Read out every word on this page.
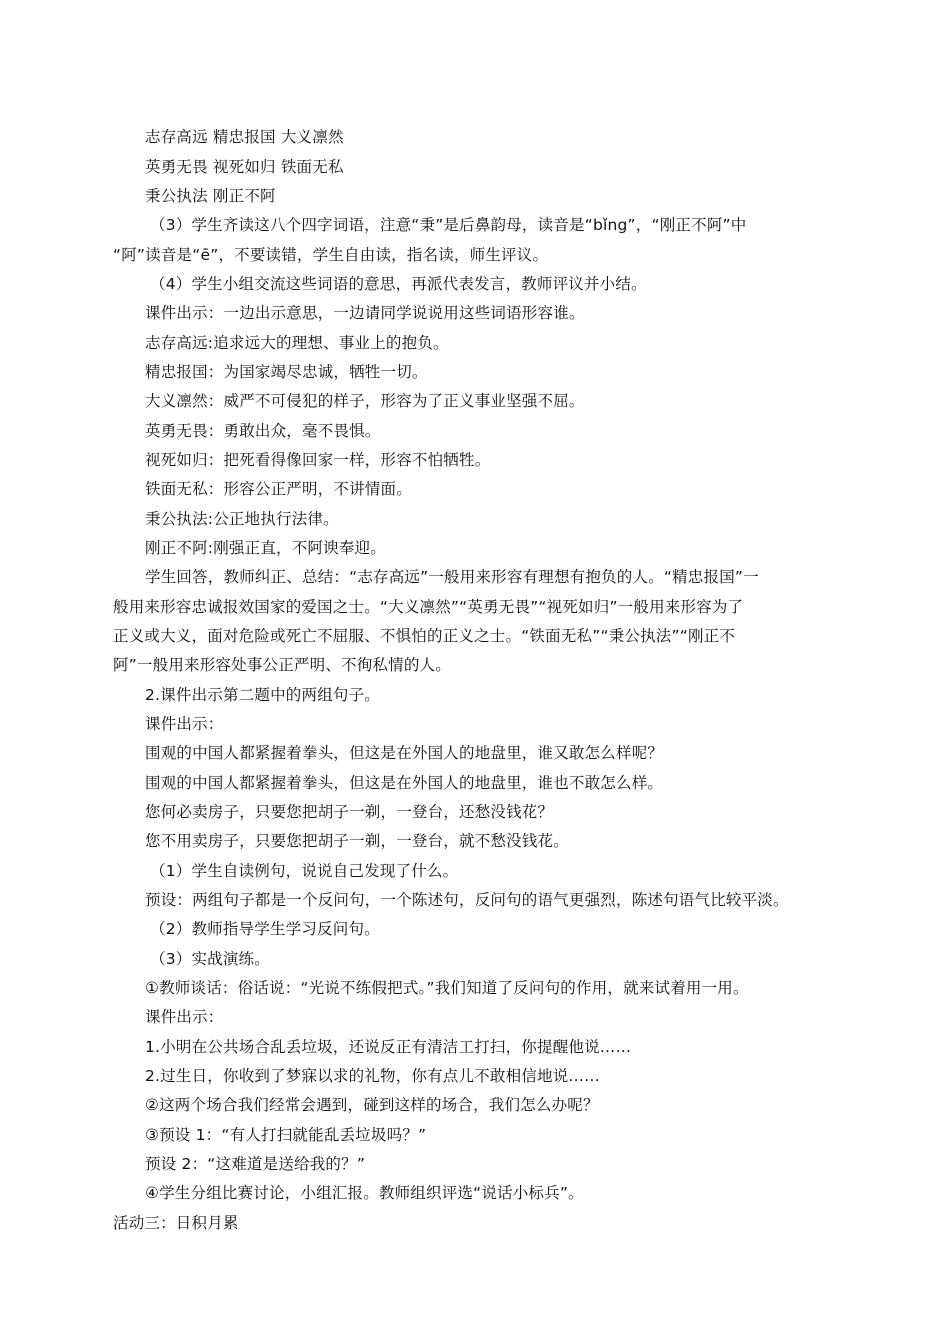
志存高远 精忠报国 大义凛然
英勇无畏 视死如归 铁面无私
秉公执法 刚正不阿
（3）学生齐读这八个四字词语，注意“秉”是后鼻韵母，读音是“bǐng”，“刚正不阿”中
“阿”读音是“ē”，不要读错，学生自由读，指名读，师生评议。
（4）学生小组交流这些词语的意思，再派代表发言，教师评议并小结。
课件出示：一边出示意思，一边请同学说说用这些词语形容谁。
志存高远:追求远大的理想、事业上的抱负。
精忠报国：为国家竭尽忠诚，牺牲一切。
大义凛然：威严不可侵犯的样子，形容为了正义事业坚强不屈。
英勇无畏：勇敢出众，毫不畏惧。
视死如归：把死看得像回家一样，形容不怕牺牲。
铁面无私：形容公正严明，不讲情面。
秉公执法:公正地执行法律。
刚正不阿:刚强正直，不阿谀奉迎。
学生回答，教师纠正、总结：“志存高远”一般用来形容有理想有抱负的人。“精忠报国”一
般用来形容忠诚报效国家的爱国之士。“大义凛然”“英勇无畏”“视死如归”一般用来形容为了
正义或大义，面对危险或死亡不屈服、不惧怕的正义之士。“铁面无私”“秉公执法”“刚正不
阿”一般用来形容处事公正严明、不徇私情的人。
2.课件出示第二题中的两组句子。
课件出示：
围观的中国人都紧握着拳头，但这是在外国人的地盘里，谁又敢怎么样呢？
围观的中国人都紧握着拳头，但这是在外国人的地盘里，谁也不敢怎么样。
您何必卖房子，只要您把胡子一剃，一登台，还愁没钱花？
您不用卖房子，只要您把胡子一剃，一登台，就不愁没钱花。
（1）学生自读例句，说说自己发现了什么。
预设：两组句子都是一个反问句，一个陈述句，反问句的语气更强烈，陈述句语气比较平淡。
（2）教师指导学生学习反问句。
（3）实战演练。
①教师谈话：俗话说：“光说不练假把式。”我们知道了反问句的作用，就来试着用一用。
课件出示：
1.小明在公共场合乱丢垃圾，还说反正有清洁工打扫，你提醒他说……
2.过生日，你收到了梦寐以求的礼物，你有点儿不敢相信地说……
②这两个场合我们经常会遇到，碰到这样的场合，我们怎么办呢？
③预设 1：“有人打扫就能乱丢垃圾吗？”
预设 2：“这难道是送给我的？”
④学生分组比赛讨论，小组汇报。教师组织评选“说话小标兵”。
活动三：日积月累
